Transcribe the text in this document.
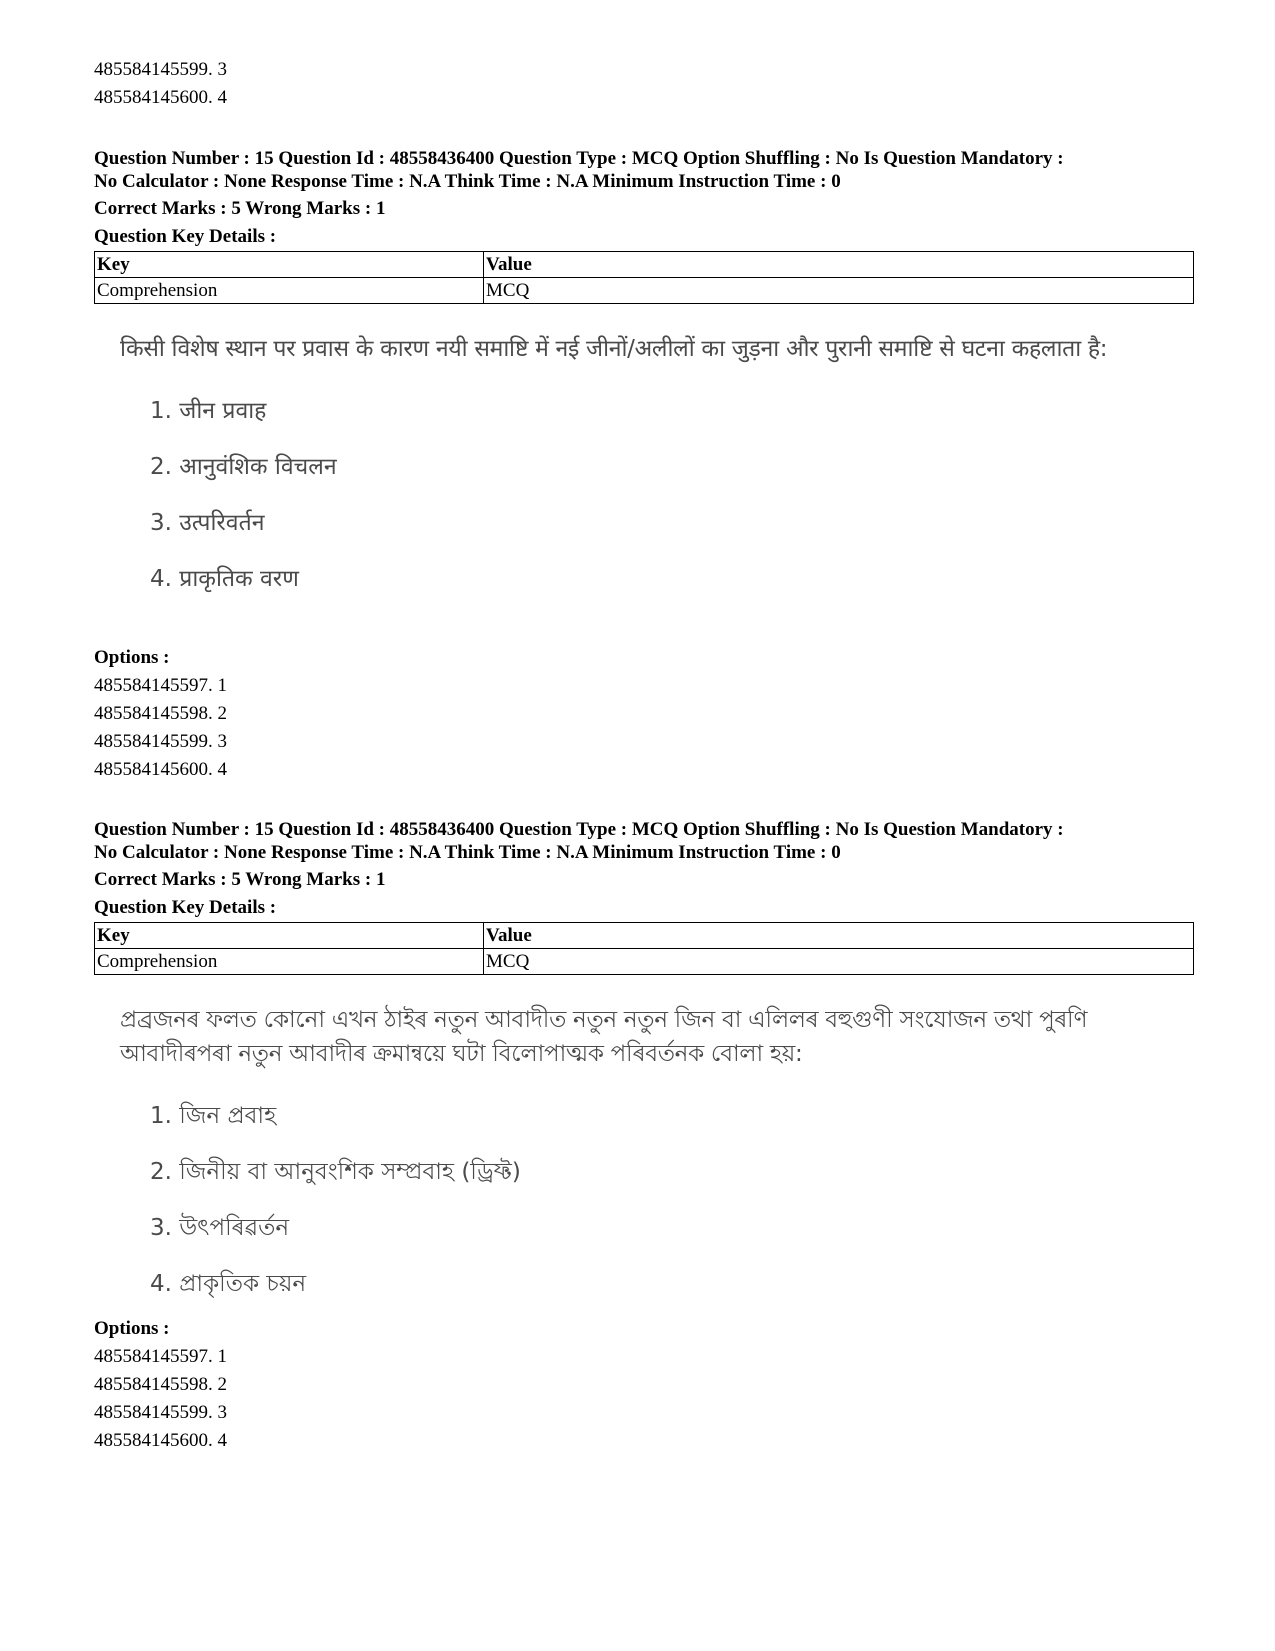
485584145599. 3
485584145600. 4
Question Number : 15 Question Id : 48558436400 Question Type : MCQ Option Shuffling : No Is Question Mandatory :
No Calculator : None Response Time : N.A Think Time : N.A Minimum Instruction Time : 0
Correct Marks : 5 Wrong Marks : 1
Question Key Details :
Key	Value
Comprehension	MCQ
किसी विशेष स्थान पर प्रवास के कारण नयी समाष्टि में नई जीनों/अलीलों का जुड़ना और पुरानी समाष्टि से घटना कहलाता है:
1. जीन प्रवाह
2. आनुवंशिक विचलन
3. उत्परिवर्तन
4. प्राकृतिक वरण
Options :
485584145597. 1
485584145598. 2
485584145599. 3
485584145600. 4
Question Number : 15 Question Id : 48558436400 Question Type : MCQ Option Shuffling : No Is Question Mandatory :
No Calculator : None Response Time : N.A Think Time : N.A Minimum Instruction Time : 0
Correct Marks : 5 Wrong Marks : 1
Question Key Details :
Key	Value
Comprehension	MCQ
প্ৰব্ৰজনৰ ফলত কোনো এখন ঠাইৰ নতুন আবাদীত নতুন নতুন জিন বা এলিলৰ বহুগুণী সংযোজন তথা পুৰণি আবাদীৰপৰা নতুন আবাদীৰ ক্ৰমান্বয়ে ঘটা বিলোপাত্মক পৰিবৰ্তনক বোলা হয়:
1. জিন প্ৰবাহ
2. জিনীয় বা আনুবংশিক সম্প্ৰবাহ (ড্ৰিফ্ট)
3. উৎপৰিৱৰ্তন
4. প্ৰাকৃতিক চয়ন
Options :
485584145597. 1
485584145598. 2
485584145599. 3
485584145600. 4
